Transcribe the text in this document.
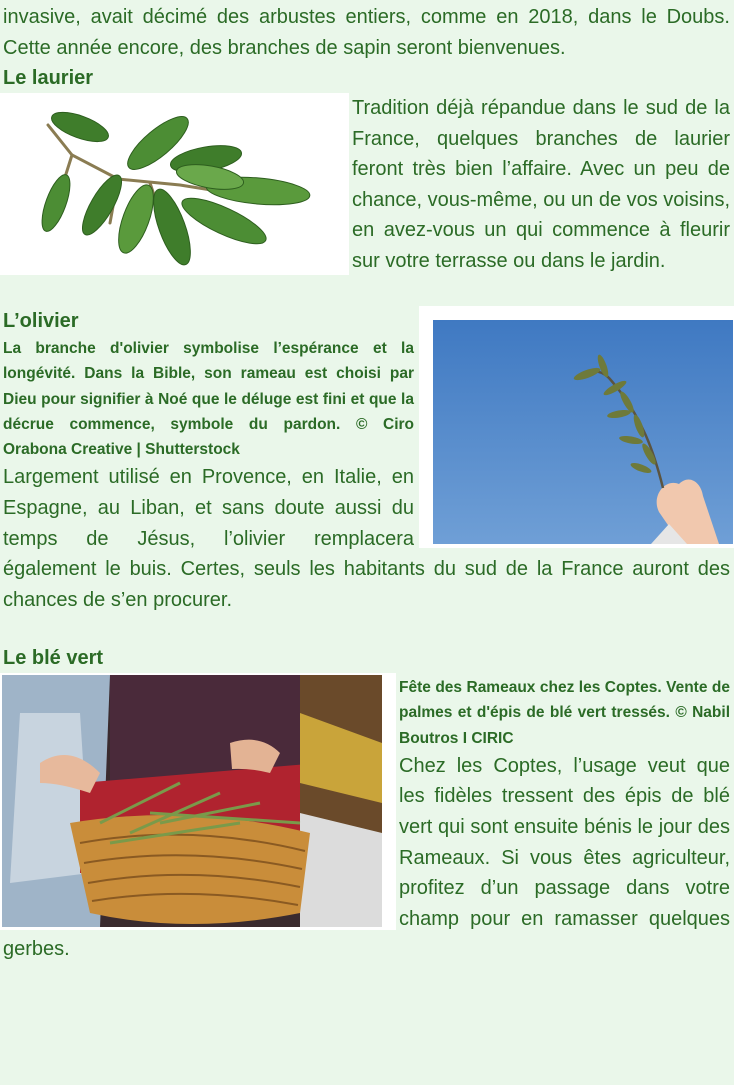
invasive, avait décimé des arbustes entiers, comme en 2018, dans le Doubs. Cette année encore, des branches de sapin seront bienvenues.

Le laurier

Tradition déjà répandue dans le sud de la France, quelques branches de laurier feront très bien l’affaire. Avec un peu de chance, vous-même, ou un de vos voisins, en avez-vous un qui commence à fleurir sur votre terrasse ou dans le jardin.

L’olivier

La branche d'olivier symbolise l’espérance et la longévité. Dans la Bible, son rameau est choisi par Dieu pour signifier à Noé que le déluge est fini et que la décrue commence, symbole du pardon. © Ciro Orabona Creative | Shutterstock

Largement utilisé en Provence, en Italie, en Espagne, au Liban, et sans doute aussi du temps de Jésus, l’olivier remplacera également le buis. Certes, seuls les habitants du sud de la France auront des chances de s’en procurer.

Le blé vert

Fête des Rameaux chez les Coptes. Vente de palmes et d'épis de blé vert tressés. © Nabil Boutros I CIRIC

Chez les Coptes, l’usage veut que les fidèles tressent des épis de blé vert qui sont ensuite bénis le jour des Rameaux. Si vous êtes agriculteur, profitez d’un passage dans votre champ pour en ramasser quelques gerbes.
